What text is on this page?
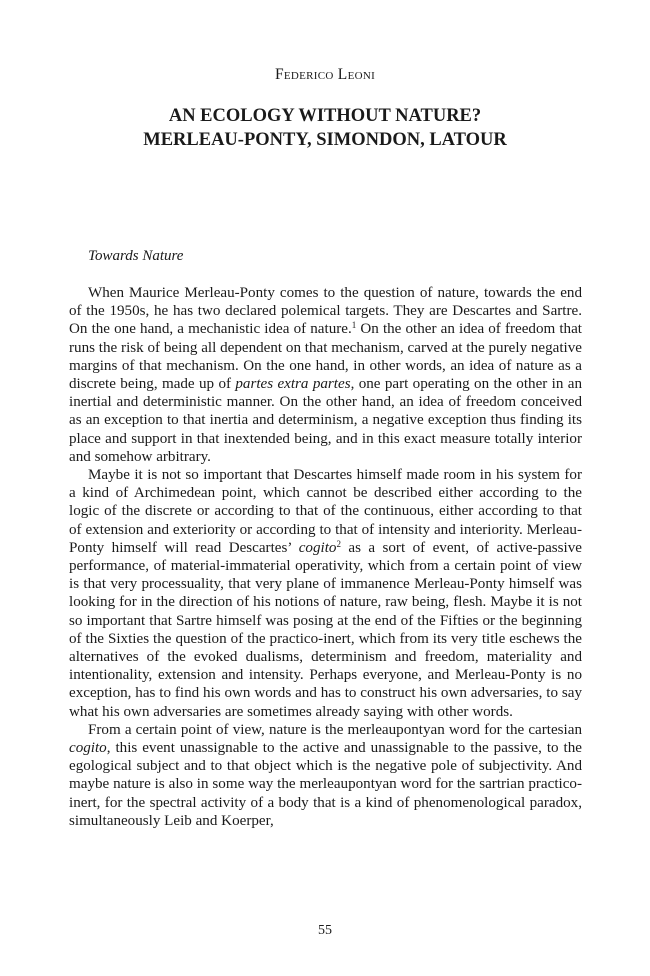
Federico Leoni
AN ECOLOGY WITHOUT NATURE?
MERLEAU-PONTY, SIMONDON, LATOUR
Towards Nature

When Maurice Merleau-Ponty comes to the question of nature, towards the end of the 1950s, he has two declared polemical targets. They are Descartes and Sartre. On the one hand, a mechanistic idea of nature.$^1$ On the other an idea of freedom that runs the risk of being all dependent on that mechanism, carved at the purely negative margins of that mechanism. On the one hand, in other words, an idea of nature as a discrete being, made up of partes extra partes, one part operating on the other in an inertial and deterministic manner. On the other hand, an idea of freedom conceived as an exception to that inertia and determinism, a negative exception thus finding its place and support in that inextended being, and in this exact measure totally interior and somehow arbitrary.

Maybe it is not so important that Descartes himself made room in his system for a kind of Archimedean point, which cannot be described either according to the logic of the discrete or according to that of the continuous, either according to that of extension and exteriority or according to that of intensity and interiority. Merleau-Ponty himself will read Descartes’ cogito$^2$ as a sort of event, of active-passive performance, of material-immaterial operativity, which from a certain point of view is that very processuality, that very plane of immanence Merleau-Ponty himself was looking for in the direction of his notions of nature, raw being, flesh. Maybe it is not so important that Sartre himself was posing at the end of the Fifties or the beginning of the Sixties the question of the practico-inert, which from its very title eschews the alternatives of the evoked dualisms, determinism and freedom, materiality and intentionality, extension and intensity. Perhaps everyone, and Merleau-Ponty is no exception, has to find his own words and has to construct his own adversaries, to say what his own adversaries are sometimes already saying with other words.

From a certain point of view, nature is the merleaupontyan word for the cartesian cogito, this event unassignable to the active and unassignable to the passive, to the egological subject and to that object which is the negative pole of subjectivity. And maybe nature is also in some way the merleaupontyan word for the sartrian practico-inert, for the spectral activity of a body that is a kind of phenomenological paradox, simultaneously Leib and Koerper,

55
